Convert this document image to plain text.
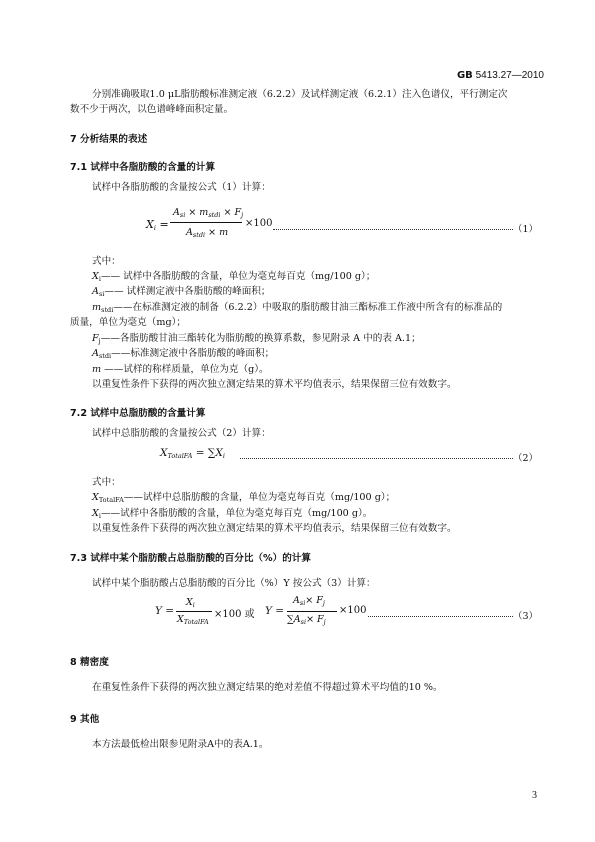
GB 5413.27—2010
分别准确吸取1.0 μL脂肪酸标准测定液（6.2.2）及试样测定液（6.2.1）注入色谱仪，平行测定次
数不少于两次，以色谱峰峰面积定量。
7 分析结果的表述
7.1 试样中各脂肪酸的含量的计算
试样中各脂肪酸的含量按公式（1）计算：
$X_i$ =
$A_{si} \times m_{stdi} \times F_j$
$A_{stdi} \times m$
×100
（1）
式中：
$X_i——$ 试样中各脂肪酸的含量，单位为毫克每百克（mg/100 g）；
$A_{si}——$ 试样测定液中各脂肪酸的峰面积；
$m_{stdi}——$在标准测定液的制备（6.2.2）中吸取的脂肪酸甘油三酯标准工作液中所含有的标准品的
质量，单位为毫克（mg）；
$F_j——$各脂肪酸甘油三酯转化为脂肪酸的换算系数，参见附录 A 中的表 A.1；
$A_{stdi}——$标准测定液中各脂肪酸的峰面积；
m ——试样的称样质量，单位为克（g）。
以重复性条件下获得的两次独立测定结果的算术平均值表示，结果保留三位有效数字。
7.2 试样中总脂肪酸的含量计算
试样中总脂肪酸的含量按公式（2）计算：
$X_{TotalFA} = \sum X_i$	（2）
式中：
$X_{TotalFA}——$试样中总脂肪酸的含量，单位为毫克每百克（mg/100 g）；
$X_i——$试样中各脂肪酸的含量，单位为毫克每百克（mg/100 g）。
以重复性条件下获得的两次独立测定结果的算术平均值表示，结果保留三位有效数字。
7.3 试样中某个脂肪酸占总脂肪酸的百分比（%）的计算
试样中某个脂肪酸占总脂肪酸的百分比（%）Y 按公式（3）计算：
Y =
$X_i$
$X_{TotalFA}$
×100 或 Y =
$A_{si}\times F_j$
$\sum A_{si}\times F_j$
×100
（3）
8 精密度
在重复性条件下获得的两次独立测定结果的绝对差值不得超过算术平均值的10 %。
9 其他
本方法最低检出限参见附录A中的表A.1。
3
